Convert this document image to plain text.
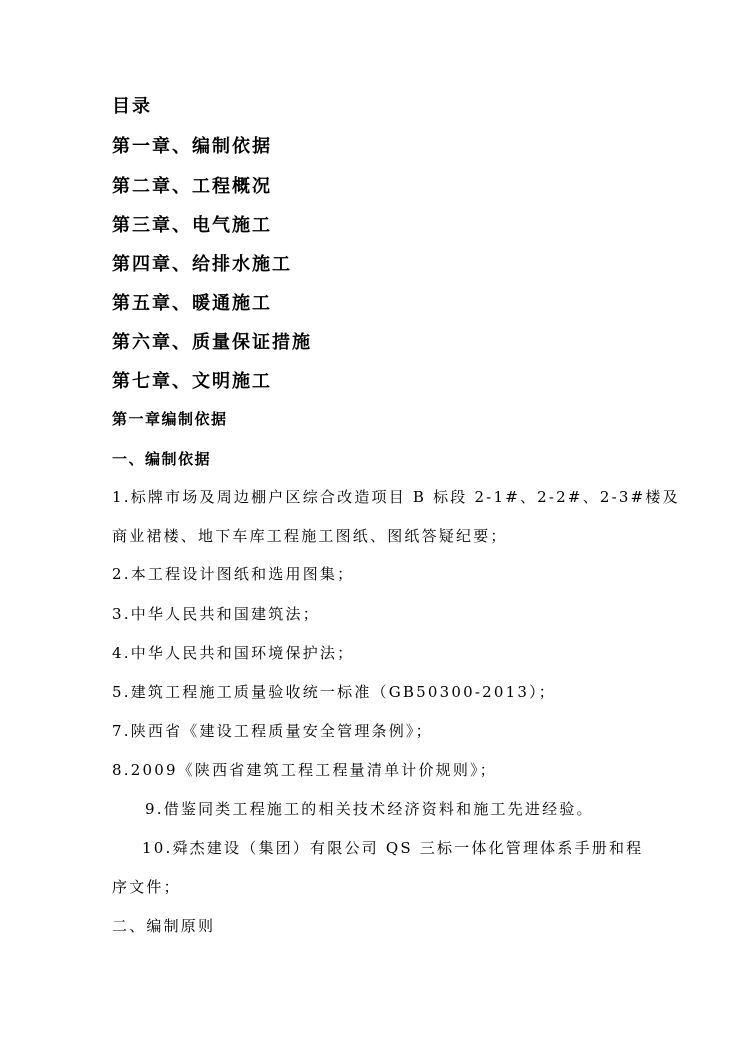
目录
第一章、编制依据
第二章、工程概况
第三章、电气施工
第四章、给排水施工
第五章、暖通施工
第六章、质量保证措施
第七章、文明施工
第一章编制依据
一、编制依据
1.标牌市场及周边棚户区综合改造项目 B 标段 2-1#、2-2#、2-3#楼及
商业裙楼、地下车库工程施工图纸、图纸答疑纪要；
2.本工程设计图纸和选用图集；
3.中华人民共和国建筑法；
4.中华人民共和国环境保护法；
5.建筑工程施工质量验收统一标准（GB50300-2013）；
7.陕西省《建设工程质量安全管理条例》；
8.2009《陕西省建筑工程工程量清单计价规则》；
9.借鉴同类工程施工的相关技术经济资料和施工先进经验。
10.舜杰建设（集团）有限公司 QS 三标一体化管理体系手册和程
序文件；
二、编制原则
